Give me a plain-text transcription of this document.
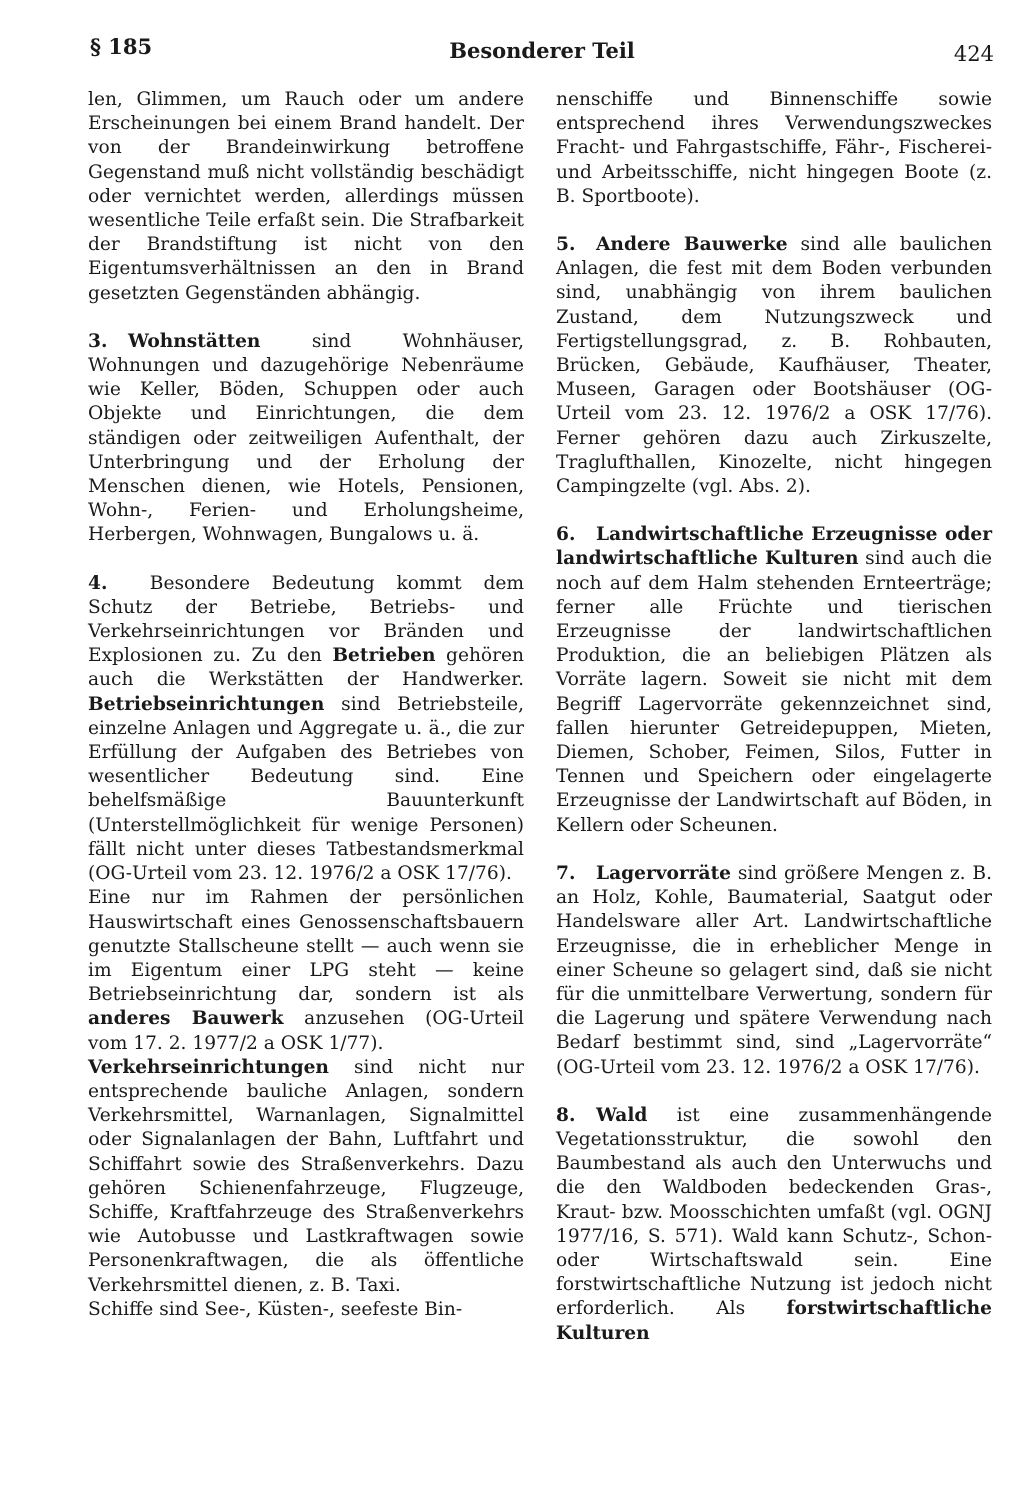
§ 185	Besonderer Teil	424

len, Glimmen, um Rauch oder um andere Erscheinungen bei einem Brand handelt. Der von der Brandeinwirkung betroffene Gegenstand muß nicht vollständig beschädigt oder vernichtet werden, allerdings müssen wesentliche Teile erfaßt sein. Die Strafbarkeit der Brandstiftung ist nicht von den Eigentumsverhältnissen an den in Brand gesetzten Gegenständen abhängig.

3. Wohnstätten sind Wohnhäuser, Wohnungen und dazugehörige Nebenräume wie Keller, Böden, Schuppen oder auch Objekte und Einrichtungen, die dem ständigen oder zeitweiligen Aufenthalt, der Unterbringung und der Erholung der Menschen dienen, wie Hotels, Pensionen, Wohn-, Ferien- und Erholungsheime, Herbergen, Wohnwagen, Bungalows u. ä.

4. Besondere Bedeutung kommt dem Schutz der Betriebe, Betriebs- und Verkehrseinrichtungen vor Bränden und Explosionen zu. Zu den Betrieben gehören auch die Werkstätten der Handwerker. Betriebseinrichtungen sind Betriebsteile, einzelne Anlagen und Aggregate u. ä., die zur Erfüllung der Aufgaben des Betriebes von wesentlicher Bedeutung sind. Eine behelfsmäßige Bauunterkunft (Unterstellmöglichkeit für wenige Personen) fällt nicht unter dieses Tatbestandsmerkmal (OG-Urteil vom 23. 12. 1976/2 a OSK 17/76).

Eine nur im Rahmen der persönlichen Hauswirtschaft eines Genossenschaftsbauern genutzte Stallscheune stellt — auch wenn sie im Eigentum einer LPG steht — keine Betriebseinrichtung dar, sondern ist als anderes Bauwerk anzusehen (OG-Urteil vom 17. 2. 1977/2 a OSK 1/77).

Verkehrseinrichtungen sind nicht nur entsprechende bauliche Anlagen, sondern Verkehrsmittel, Warnanlagen, Signalmittel oder Signalanlagen der Bahn, Luftfahrt und Schiffahrt sowie des Straßenverkehrs. Dazu gehören Schienenfahrzeuge, Flugzeuge, Schiffe, Kraftfahrzeuge des Straßenverkehrs wie Autobusse und Lastkraftwagen sowie Personenkraftwagen, die als öffentliche Verkehrsmittel dienen, z. B. Taxi.

Schiffe sind See-, Küsten-, seefeste Bin-

nenschiffe und Binnenschiffe sowie entsprechend ihres Verwendungszweckes Fracht- und Fahrgastschiffe, Fähr-, Fischerei- und Arbeitsschiffe, nicht hingegen Boote (z. B. Sportboote).

5. Andere Bauwerke sind alle baulichen Anlagen, die fest mit dem Boden verbunden sind, unabhängig von ihrem baulichen Zustand, dem Nutzungszweck und Fertigstellungsgrad, z. B. Rohbauten, Brücken, Gebäude, Kaufhäuser, Theater, Museen, Garagen oder Bootshäuser (OG-Urteil vom 23. 12. 1976/2 a OSK 17/76). Ferner gehören dazu auch Zirkuszelte, Traglufthallen, Kinozelte, nicht hingegen Campingzelte (vgl. Abs. 2).

6. Landwirtschaftliche Erzeugnisse oder landwirtschaftliche Kulturen sind auch die noch auf dem Halm stehenden Ernteerträge; ferner alle Früchte und tierischen Erzeugnisse der landwirtschaftlichen Produktion, die an beliebigen Plätzen als Vorräte lagern. Soweit sie nicht mit dem Begriff Lagervorräte gekennzeichnet sind, fallen hierunter Getreidepuppen, Mieten, Diemen, Schober, Feimen, Silos, Futter in Tennen und Speichern oder eingelagerte Erzeugnisse der Landwirtschaft auf Böden, in Kellern oder Scheunen.

7. Lagervorräte sind größere Mengen z. B. an Holz, Kohle, Baumaterial, Saatgut oder Handelsware aller Art. Landwirtschaftliche Erzeugnisse, die in erheblicher Menge in einer Scheune so gelagert sind, daß sie nicht für die unmittelbare Verwertung, sondern für die Lagerung und spätere Verwendung nach Bedarf bestimmt sind, sind „Lagervorräte“ (OG-Urteil vom 23. 12. 1976/2 a OSK 17/76).

8. Wald ist eine zusammenhängende Vegetationsstruktur, die sowohl den Baumbestand als auch den Unterwuchs und die den Waldboden bedeckenden Gras-, Kraut- bzw. Moosschichten umfaßt (vgl. OGNJ 1977/16, S. 571). Wald kann Schutz-, Schon- oder Wirtschaftswald sein. Eine forstwirtschaftliche Nutzung ist jedoch nicht erforderlich. Als forstwirtschaftliche Kulturen
